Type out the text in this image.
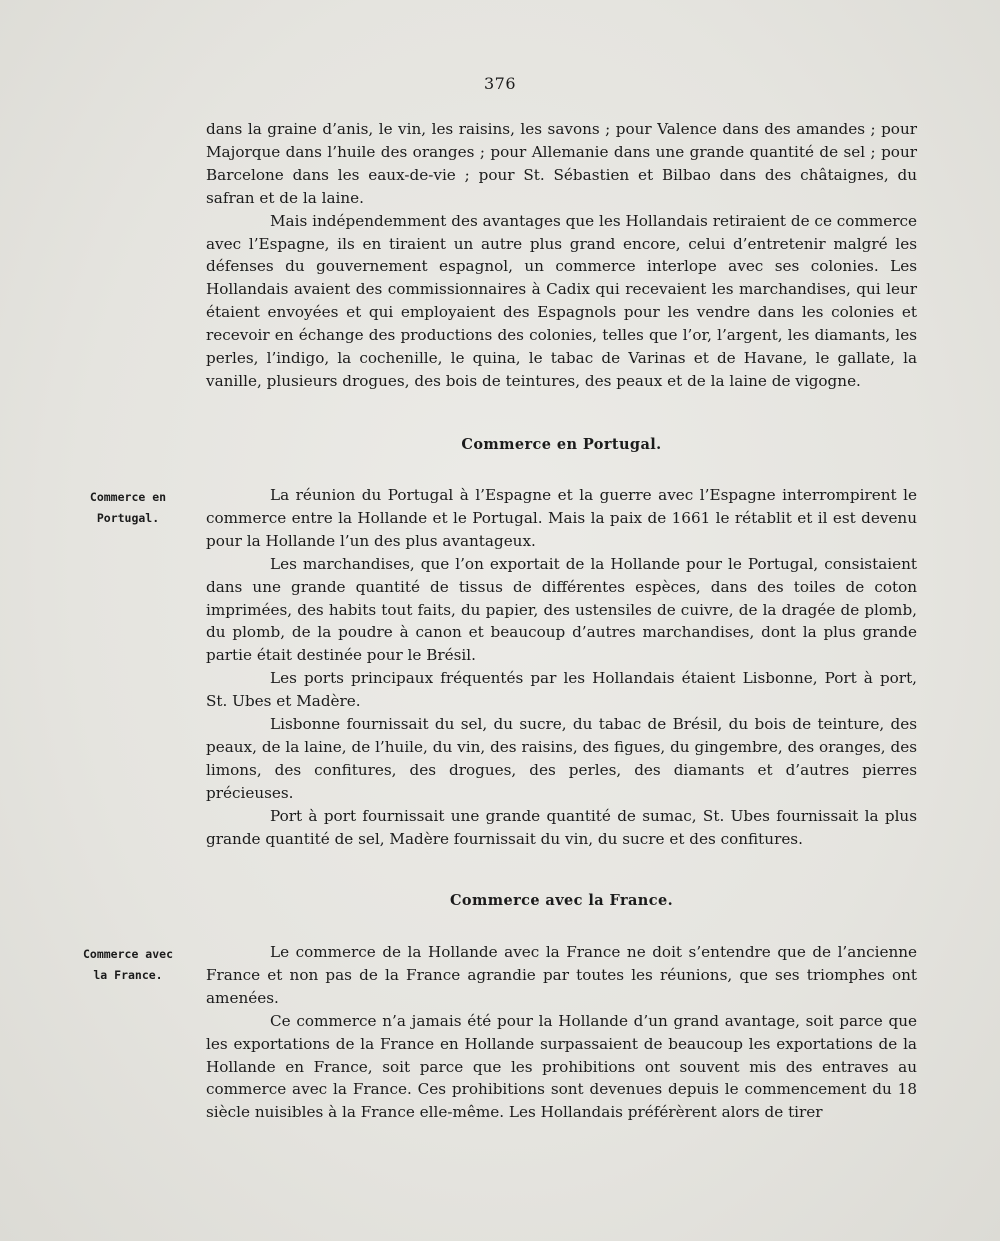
376

dans la graine d’anis, le vin, les raisins, les savons ; pour Valence dans des amandes ; pour Majorque dans l’huile des oranges ; pour Allemanie dans une grande quantité de sel ; pour Barcelone dans les eaux-de-vie ; pour St. Sébastien et Bilbao dans des châtaignes, du safran et de la laine.

Mais indépendemment des avantages que les Hollandais retiraient de ce commerce avec l’Espagne, ils en tiraient un autre plus grand encore, celui d’entretenir malgré les défenses du gouvernement espagnol, un commerce interlope avec ses colonies. Les Hollandais avaient des commissionnaires à Cadix qui recevaient les marchandises, qui leur étaient envoyées et qui employaient des Espagnols pour les vendre dans les colonies et recevoir en échange des productions des colonies, telles que l’or, l’argent, les diamants, les perles, l’indigo, la cochenille, le quina, le tabac de Varinas et de Havane, le gallate, la vanille, plusieurs drogues, des bois de teintures, des peaux et de la laine de vigogne.

Commerce en Portugal.
Commerce en
Portugal.

La réunion du Portugal à l’Espagne et la guerre avec l’Espagne interrompirent le commerce entre la Hollande et le Portugal. Mais la paix de 1661 le rétablit et il est devenu pour la Hollande l’un des plus avantageux.

Les marchandises, que l’on exportait de la Hollande pour le Portugal, consistaient dans une grande quantité de tissus de différentes espèces, dans des toiles de coton imprimées, des habits tout faits, du papier, des ustensiles de cuivre, de la dragée de plomb, du plomb, de la poudre à canon et beaucoup d’autres marchandises, dont la plus grande partie était destinée pour le Brésil.

Les ports principaux fréquentés par les Hollandais étaient Lisbonne, Port à port, St. Ubes et Madère.

Lisbonne fournissait du sel, du sucre, du tabac de Brésil, du bois de teinture, des peaux, de la laine, de l’huile, du vin, des raisins, des figues, du gingembre, des oranges, des limons, des confitures, des drogues, des perles, des diamants et d’autres pierres précieuses.

Port à port fournissait une grande quantité de sumac, St. Ubes fournissait la plus grande quantité de sel, Madère fournissait du vin, du sucre et des confitures.

Commerce avec la France.
Commerce avec
la France.

Le commerce de la Hollande avec la France ne doit s’entendre que de l’ancienne France et non pas de la France agrandie par toutes les réunions, que ses triomphes ont amenées.

Ce commerce n’a jamais été pour la Hollande d’un grand avantage, soit parce que les exportations de la France en Hollande surpassaient de beaucoup les exportations de la Hollande en France, soit parce que les prohibitions ont souvent mis des entraves au commerce avec la France. Ces prohibitions sont devenues depuis le commencement du 18 siècle nuisibles à la France elle-même. Les Hollandais préférèrent alors de tirer
